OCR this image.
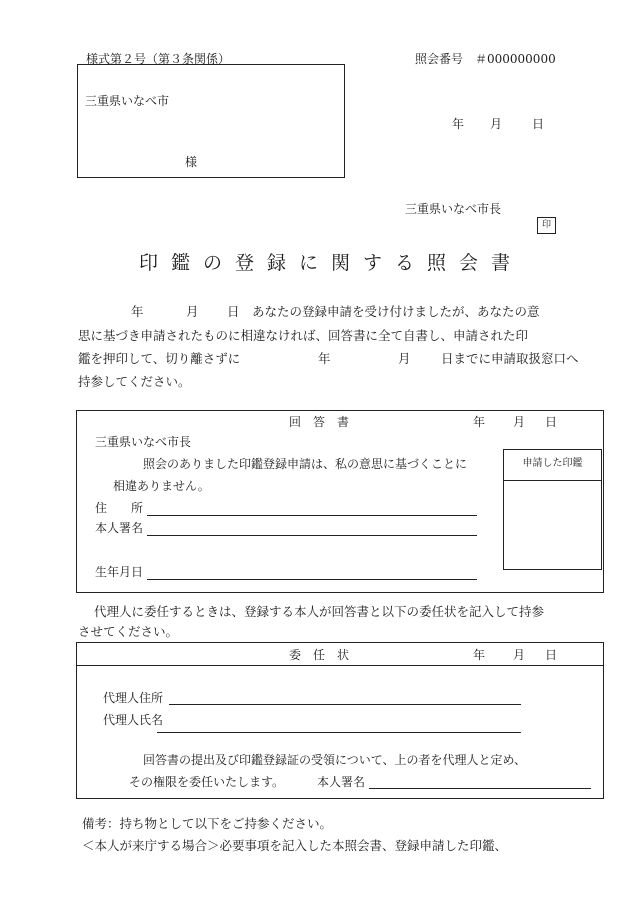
様式第２号（第３条関係）	照会番号　＃000000000
三重県いなべ市
様
年 月 日
三重県いなべ市長
印
印鑑の登録に関する照会書
年	月 日　あなたの登録申請を受け付けましたが、あなたの意
思に基づき申請されたものに相違なければ、回答書に全て自書し、申請された印
鑑を押印して、切り離さずに	年	月 日までに申請取扱窓口へ
持参してください。
回　答　書	年 月 日
三重県いなべ市長
照会のありました印鑑登録申請は、私の意思に基づくことに
相違ありません。
住　　所
本人署名
生年月日
申請した印鑑
代理人に委任するときは、登録する本人が回答書と以下の委任状を記入して持参
させてください。
委　任　状	年 月 日
代理人住所
代理人氏名
回答書の提出及び印鑑登録証の受領について、上の者を代理人と定め、
その権限を委任いたします。	本人署名
備考：持ち物として以下をご持参ください。
＜本人が来庁する場合＞必要事項を記入した本照会書、登録申請した印鑑、
